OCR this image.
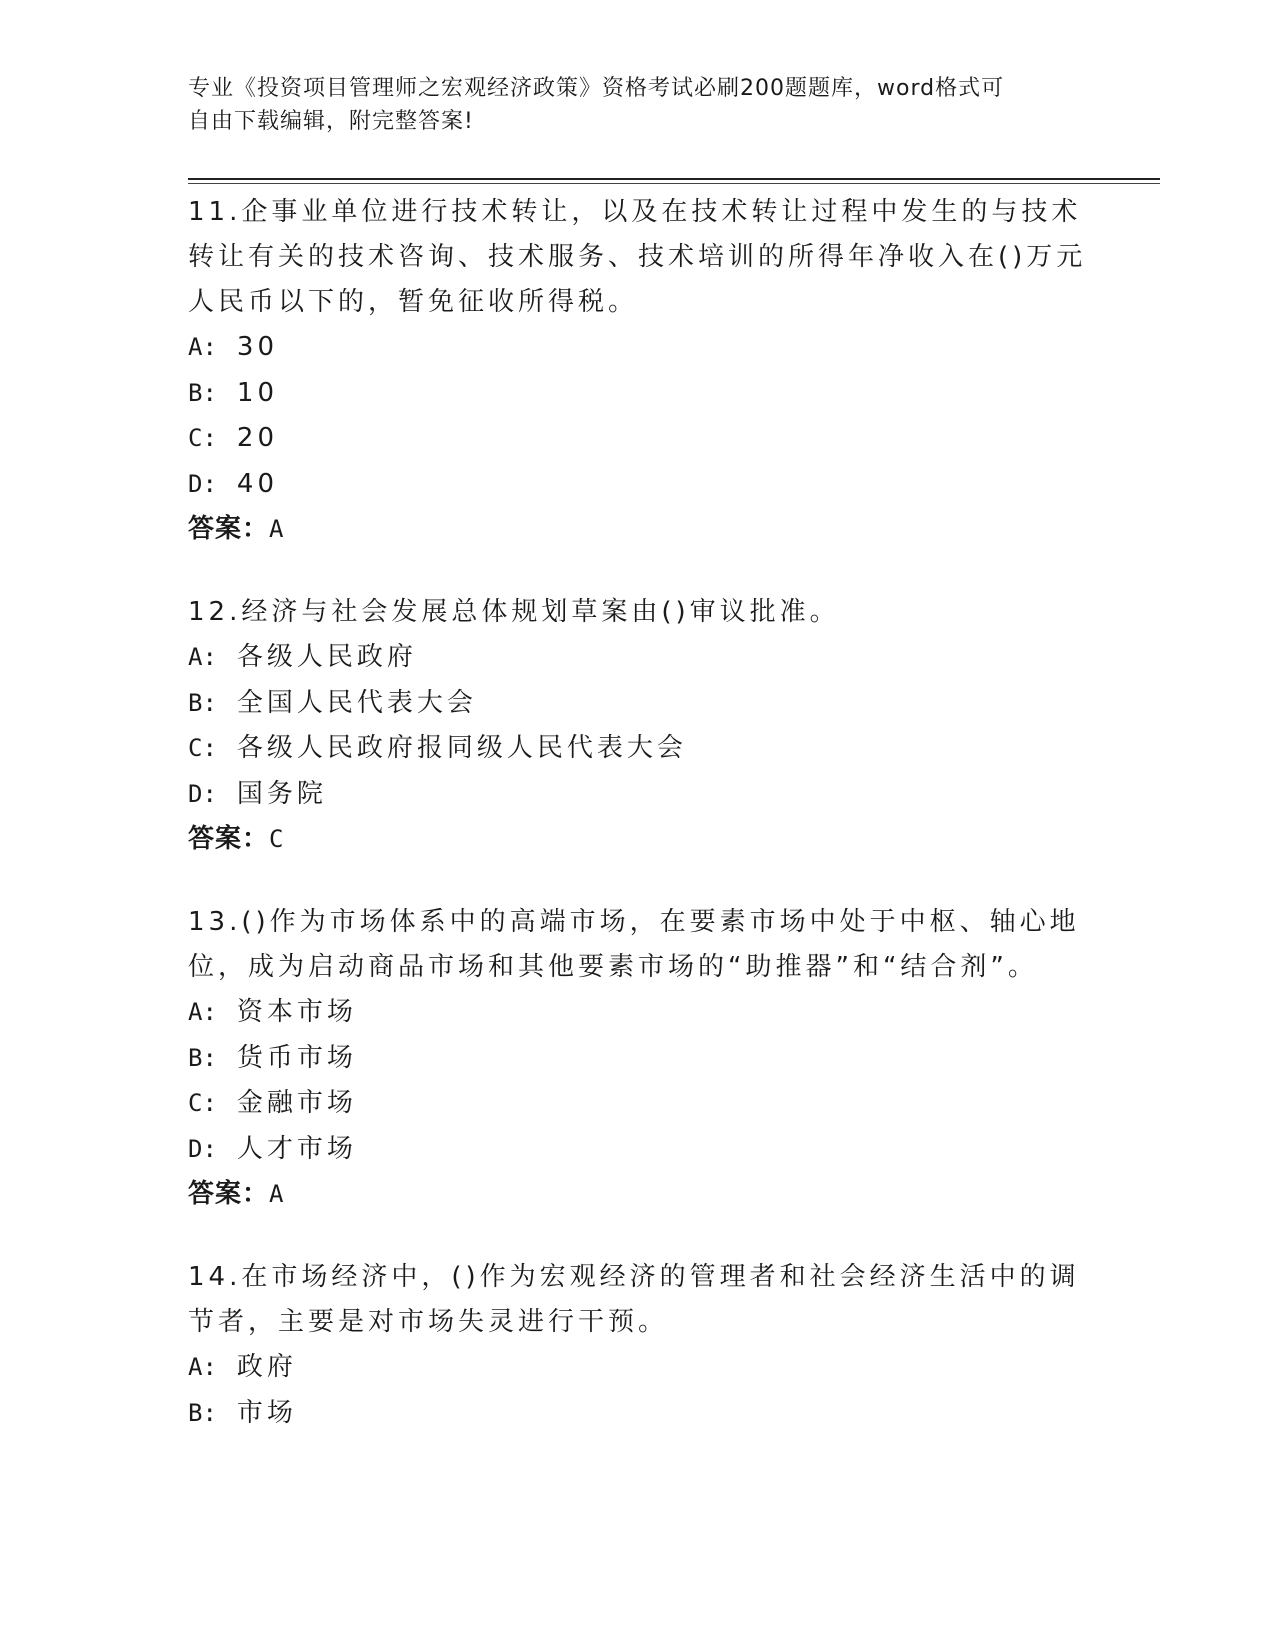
专业《投资项目管理师之宏观经济政策》资格考试必刷200题题库，word格式可
自由下载编辑，附完整答案!

11.企事业单位进行技术转让，以及在技术转让过程中发生的与技术转让有关的技术咨询、技术服务、技术培训的所得年净收入在()万元人民币以下的，暂免征收所得税。

A: 30
B: 10
C: 20
D: 40
答案：A

12.经济与社会发展总体规划草案由()审议批准。

A: 各级人民政府
B: 全国人民代表大会
C: 各级人民政府报同级人民代表大会
D: 国务院
答案：C

13.()作为市场体系中的高端市场，在要素市场中处于中枢、轴心地位，成为启动商品市场和其他要素市场的“助推器”和“结合剂”。

A: 资本市场
B: 货币市场
C: 金融市场
D: 人才市场
答案：A

14.在市场经济中，()作为宏观经济的管理者和社会经济生活中的调节者，主要是对市场失灵进行干预。

A: 政府
B: 市场
